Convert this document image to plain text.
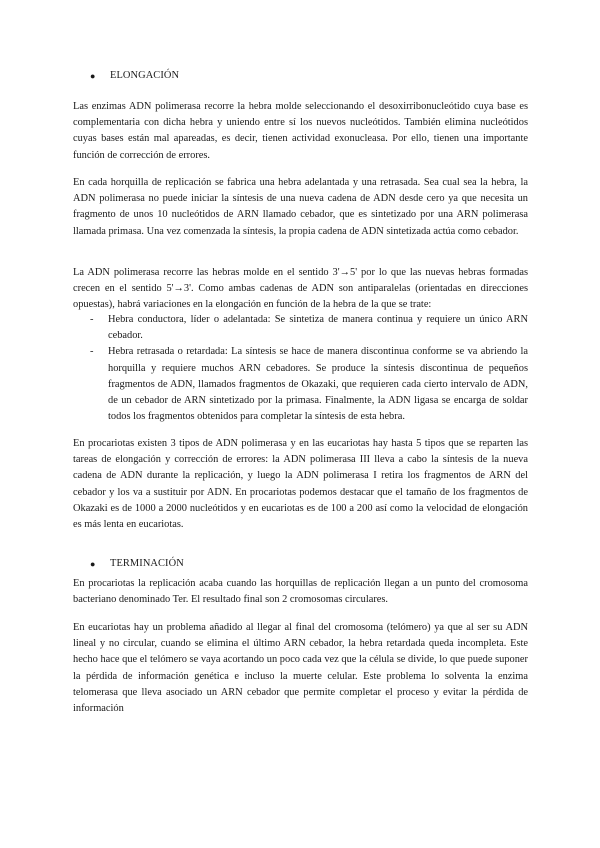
●	ELONGACIÓN

Las enzimas ADN polimerasa recorre la hebra molde seleccionando el desoxirribonucleótido cuya base es complementaria con dicha hebra y uniendo entre sí los nuevos nucleótidos. También elimina nucleótidos cuyas bases están mal apareadas, es decir, tienen actividad exonucleasa. Por ello, tienen una importante función de corrección de errores.

En cada horquilla de replicación se fabrica una hebra adelantada y una retrasada. Sea cual sea la hebra, la ADN polimerasa no puede iniciar la síntesis de una nueva cadena de ADN desde cero ya que necesita un fragmento de unos 10 nucleótidos de ARN llamado cebador, que es sintetizado por una ARN polimerasa llamada primasa. Una vez comenzada la síntesis, la propia cadena de ADN sintetizada actúa como cebador.

La ADN polimerasa recorre las hebras molde en el sentido 3'→5' por lo que las nuevas hebras formadas crecen en el sentido 5'→3'. Como ambas cadenas de ADN son antiparalelas (orientadas en direcciones opuestas), habrá variaciones en la elongación en función de la hebra de la que se trate:

-	Hebra conductora, líder o adelantada: Se sintetiza de manera continua y requiere un único ARN cebador.
-	Hebra retrasada o retardada: La síntesis se hace de manera discontinua conforme se va abriendo la horquilla y requiere muchos ARN cebadores. Se produce la síntesis discontinua de pequeños fragmentos de ADN, llamados fragmentos de Okazaki, que requieren cada cierto intervalo de ADN, de un cebador de ARN sintetizado por la primasa. Finalmente, la ADN ligasa se encarga de soldar todos los fragmentos obtenidos para completar la síntesis de esta hebra.

En procariotas existen 3 tipos de ADN polimerasa y en las eucariotas hay hasta 5 tipos que se reparten las tareas de elongación y corrección de errores: la ADN polimerasa III lleva a cabo la síntesis de la nueva cadena de ADN durante la replicación, y luego la ADN polimerasa I retira los fragmentos de ARN del cebador y los va a sustituir por ADN. En procariotas podemos destacar que el tamaño de los fragmentos de Okazaki es de 1000 a 2000 nucleótidos y en eucariotas es de 100 a 200 así como la velocidad de elongación es más lenta en eucariotas.

●	TERMINACIÓN

En procariotas la replicación acaba cuando las horquillas de replicación llegan a un punto del cromosoma bacteriano denominado Ter. El resultado final son 2 cromosomas circulares.

En eucariotas hay un problema añadido al llegar al final del cromosoma (telómero) ya que al ser su ADN lineal y no circular, cuando se elimina el último ARN cebador, la hebra retardada queda incompleta. Este hecho hace que el telómero se vaya acortando un poco cada vez que la célula se divide, lo que puede suponer la pérdida de información genética e incluso la muerte celular. Este problema lo solventa la enzima telomerasa que lleva asociado un ARN cebador que permite completar el proceso y evitar la pérdida de información
